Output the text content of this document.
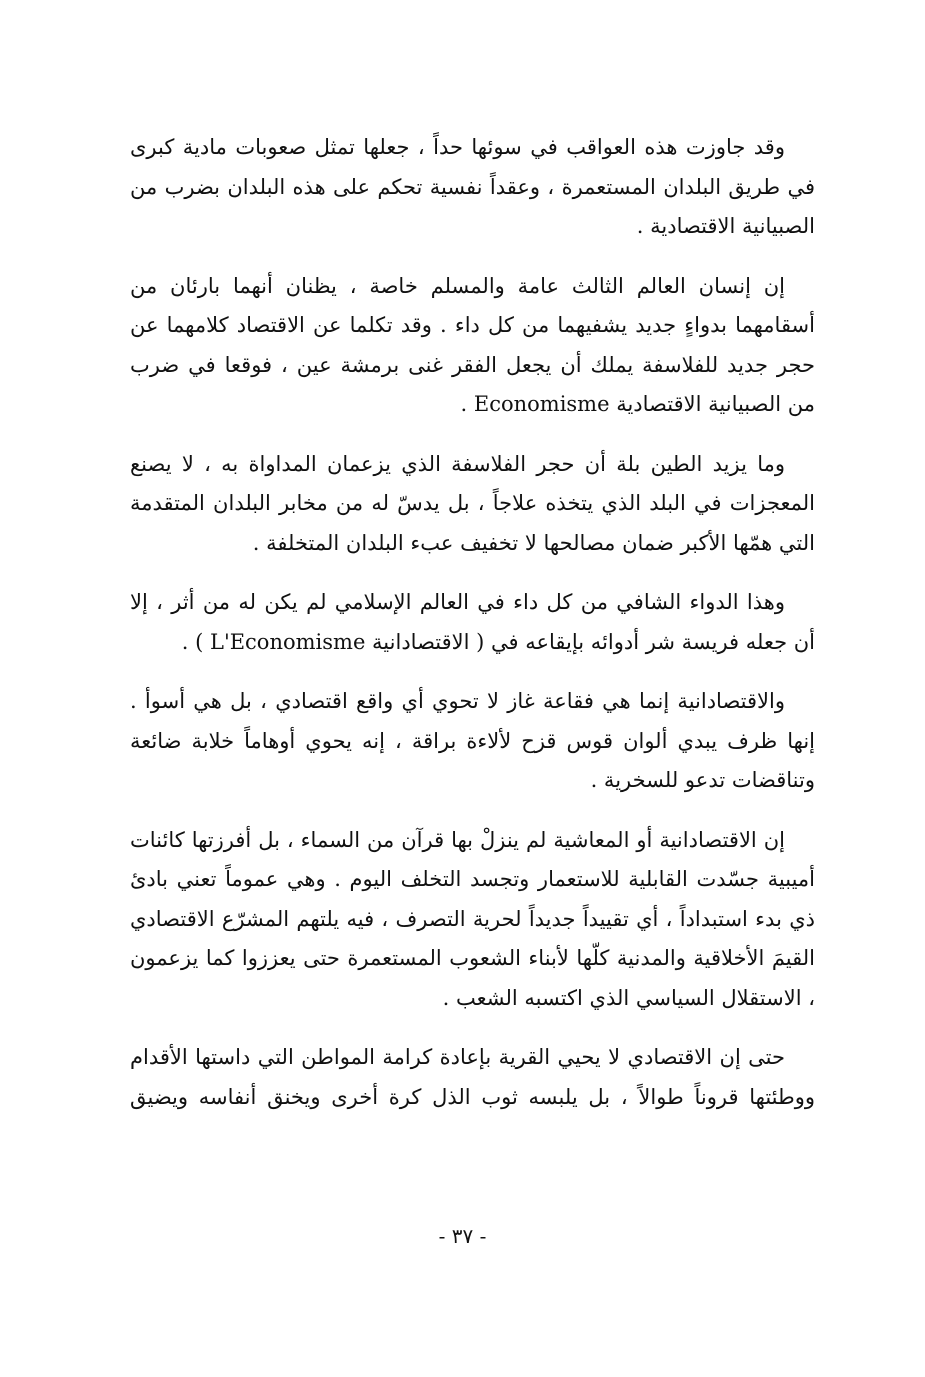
وقد جاوزت هذه العواقب في سوئها حداً ، جعلها تمثل صعوبات مادية كبرى في طريق البلدان المستعمرة ، وعقداً نفسية تحكم على هذه البلدان بضرب من الصبيانية الاقتصادية .

إن إنسان العالم الثالث عامة والمسلم خاصة ، يظنان أنهما بارئان من أسقامهما بدواءٍ جديد يشفيهما من كل داء . وقد تكلما عن الاقتصاد كلامهما عن حجر جديد للفلاسفة يملك أن يجعل الفقر غنى برمشة عين ، فوقعا في ضرب من الصبيانية الاقتصادية Economisme .

وما يزيد الطين بلة أن حجر الفلاسفة الذي يزعمان المداواة به ، لا يصنع المعجزات في البلد الذي يتخذه علاجاً ، بل يدسّ له من مخابر البلدان المتقدمة التي همّها الأكبر ضمان مصالحها لا تخفيف عبء البلدان المتخلفة .

وهذا الدواء الشافي من كل داء في العالم الإسلامي لم يكن له من أثر ، إلا أن جعله فريسة شر أدوائه بإيقاعه في ( الاقتصادانية L'Economisme ) .

والاقتصادانية إنما هي فقاعة غاز لا تحوي أي واقع اقتصادي ، بل هي أسوأ . إنها ظرف يبدي ألوان قوس قزح لألاءة براقة ، إنه يحوي أوهاماً خلابة ضائعة وتناقضات تدعو للسخرية .

إن الاقتصادانية أو المعاشية لم ينزلْ بها قرآن من السماء ، بل أفرزتها كائنات أميبية جسّدت القابلية للاستعمار وتجسد التخلف اليوم . وهي عموماً تعني بادئ ذي بدء استبداداً ، أي تقييداً جديداً لحرية التصرف ، فيه يلتهم المشرّع الاقتصادي القيمَ الأخلاقية والمدنية كلّها لأبناء الشعوب المستعمرة حتى يعززوا كما يزعمون ، الاستقلال السياسي الذي اكتسبه الشعب .

حتى إن الاقتصادي لا يحيي القرية بإعادة كرامة المواطن التي داستها الأقدام ووطئتها قروناً طوالاً ، بل يلبسه ثوب الذل كرة أخرى ويخنق أنفاسه ويضيق

- ٣٧ -
